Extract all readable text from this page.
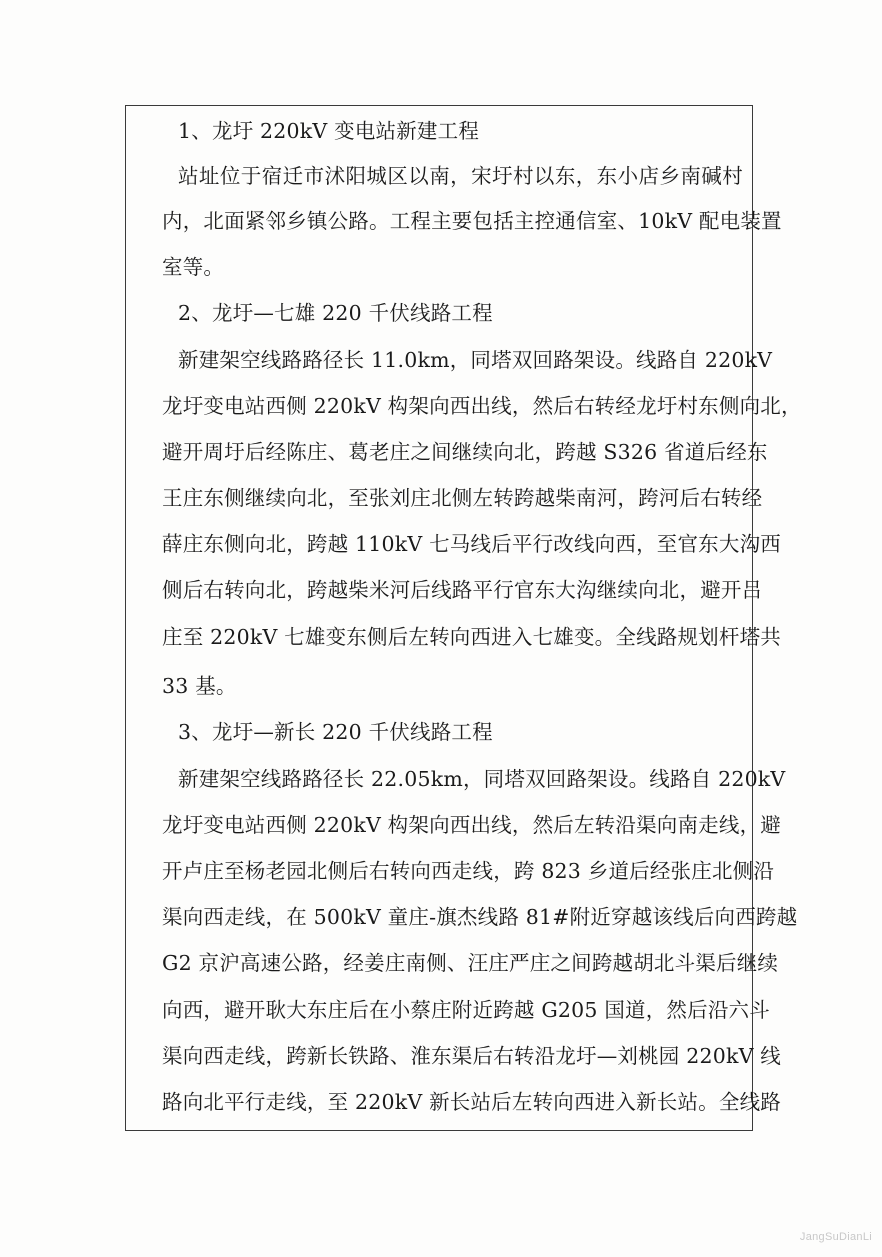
1、龙圩 220kV 变电站新建工程
站址位于宿迁市沭阳城区以南，宋圩村以东，东小店乡南碱村
内，北面紧邻乡镇公路。工程主要包括主控通信室、10kV 配电装置
室等。
2、龙圩—七雄 220 千伏线路工程
新建架空线路路径长 11.0km，同塔双回路架设。线路自 220kV
龙圩变电站西侧 220kV 构架向西出线，然后右转经龙圩村东侧向北，
避开周圩后经陈庄、葛老庄之间继续向北，跨越 S326 省道后经东
王庄东侧继续向北，至张刘庄北侧左转跨越柴南河，跨河后右转经
薛庄东侧向北，跨越 110kV 七马线后平行改线向西，至官东大沟西
侧后右转向北，跨越柴米河后线路平行官东大沟继续向北，避开吕
庄至 220kV 七雄变东侧后左转向西进入七雄变。全线路规划杆塔共
33 基。
3、龙圩—新长 220 千伏线路工程
新建架空线路路径长 22.05km，同塔双回路架设。线路自 220kV
龙圩变电站西侧 220kV 构架向西出线，然后左转沿渠向南走线，避
开卢庄至杨老园北侧后右转向西走线，跨 823 乡道后经张庄北侧沿
渠向西走线，在 500kV 童庄-旗杰线路 81#附近穿越该线后向西跨越
G2 京沪高速公路，经姜庄南侧、汪庄严庄之间跨越胡北斗渠后继续
向西，避开耿大东庄后在小蔡庄附近跨越 G205 国道，然后沿六斗
渠向西走线，跨新长铁路、淮东渠后右转沿龙圩—刘桃园 220kV 线
路向北平行走线，至 220kV 新长站后左转向西进入新长站。全线路
JangSuDianLi
